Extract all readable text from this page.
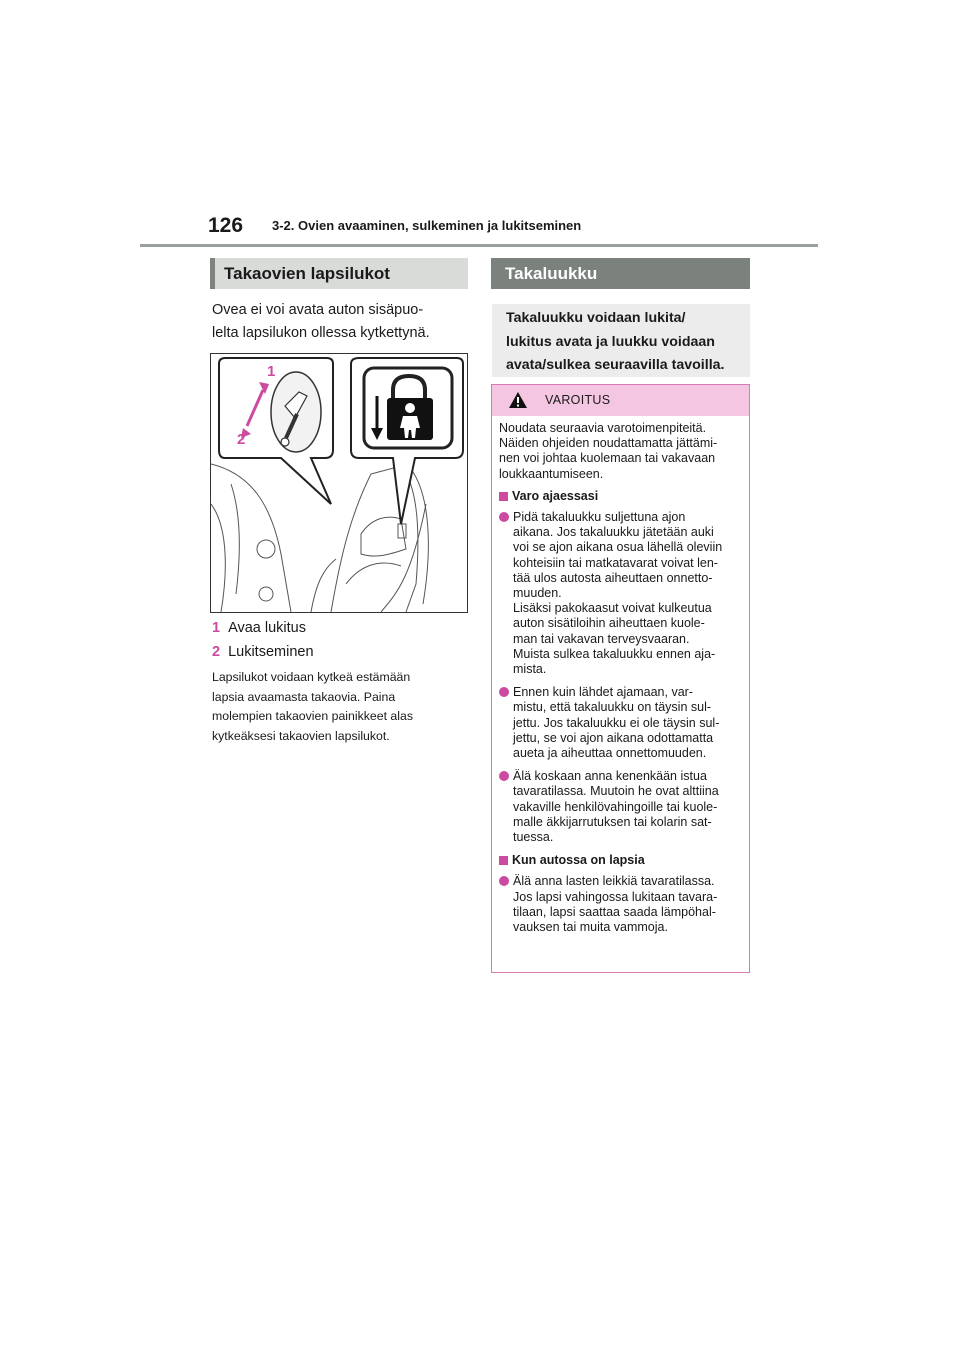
126 3-2. Ovien avaaminen, sulkeminen ja lukitseminen
Takaovien lapsilukot
Ovea ei voi avata auton sisäpuo-
lelta lapsilukon ollessa kytkettynä.
1
2
1 Avaa lukitus
2 Lukitseminen
Lapsilukot voidaan kytkeä estämään
lapsia avaamasta takaovia. Paina
molempien takaovien painikkeet alas
kytkeäksesi takaovien lapsilukot.
Takaluukku
Takaluukku voidaan lukita/
lukitus avata ja luukku voidaan
avata/sulkea seuraavilla tavoilla.
VAROITUS
Noudata seuraavia varotoimenpiteitä.
Näiden ohjeiden noudattamatta jättämi-
nen voi johtaa kuolemaan tai vakavaan
loukkaantumiseen.
Varo ajaessasi
Pidä takaluukku suljettuna ajon
aikana. Jos takaluukku jätetään auki
voi se ajon aikana osua lähellä oleviin
kohteisiin tai matkatavarat voivat len-
tää ulos autosta aiheuttaen onnetto-
muuden.
Lisäksi pakokaasut voivat kulkeutua
auton sisätiloihin aiheuttaen kuole-
man tai vakavan terveysvaaran.
Muista sulkea takaluukku ennen aja-
mista.
Ennen kuin lähdet ajamaan, var-
mistu, että takaluukku on täysin sul-
jettu. Jos takaluukku ei ole täysin sul-
jettu, se voi ajon aikana odottamatta
aueta ja aiheuttaa onnettomuuden.
Älä koskaan anna kenenkään istua
tavaratilassa. Muutoin he ovat alttiina
vakaville henkilövahingoille tai kuole-
malle äkkijarrutuksen tai kolarin sat-
tuessa.
Kun autossa on lapsia
Älä anna lasten leikkiä tavaratilassa.
Jos lapsi vahingossa lukitaan tavara-
tilaan, lapsi saattaa saada lämpöhal-
vauksen tai muita vammoja.
